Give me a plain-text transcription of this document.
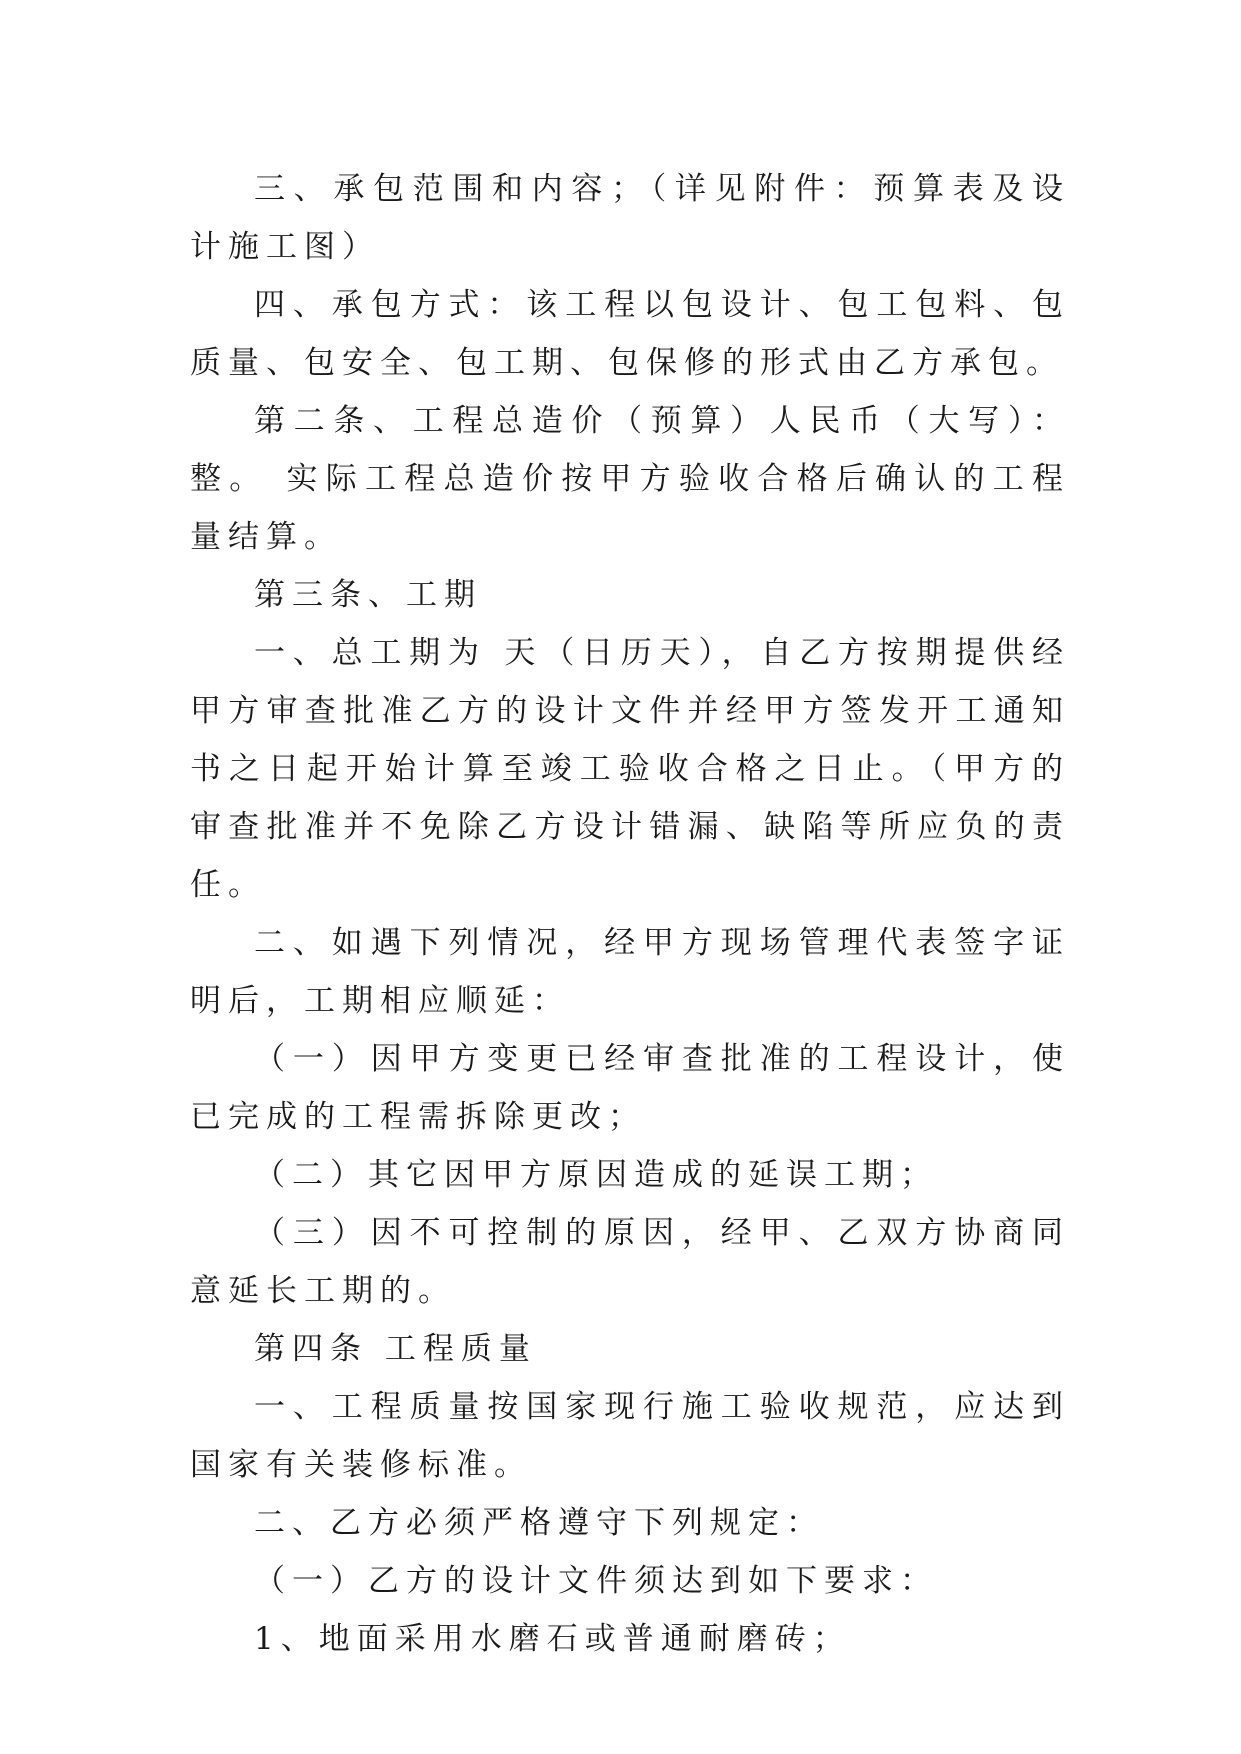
三、承包范围和内容；（详见附件：预算表及设计施工图）

四、承包方式：该工程以包设计、包工包料、包质量、包安全、包工期、包保修的形式由乙方承包。

第二条、工程总造价（预算）人民币（大写）：整。 实际工程总造价按甲方验收合格后确认的工程量结算。

第三条、工期

一、总工期为 天（日历天），自乙方按期提供经甲方审查批准乙方的设计文件并经甲方签发开工通知书之日起开始计算至竣工验收合格之日止。（甲方的审查批准并不免除乙方设计错漏、缺陷等所应负的责任。

二、如遇下列情况，经甲方现场管理代表签字证明后，工期相应顺延：

（一）因甲方变更已经审查批准的工程设计，使已完成的工程需拆除更改；

（二）其它因甲方原因造成的延误工期；

（三）因不可控制的原因，经甲、乙双方协商同意延长工期的。

第四条 工程质量

一、工程质量按国家现行施工验收规范，应达到国家有关装修标准。

二、乙方必须严格遵守下列规定：

（一）乙方的设计文件须达到如下要求：

1、地面采用水磨石或普通耐磨砖；
